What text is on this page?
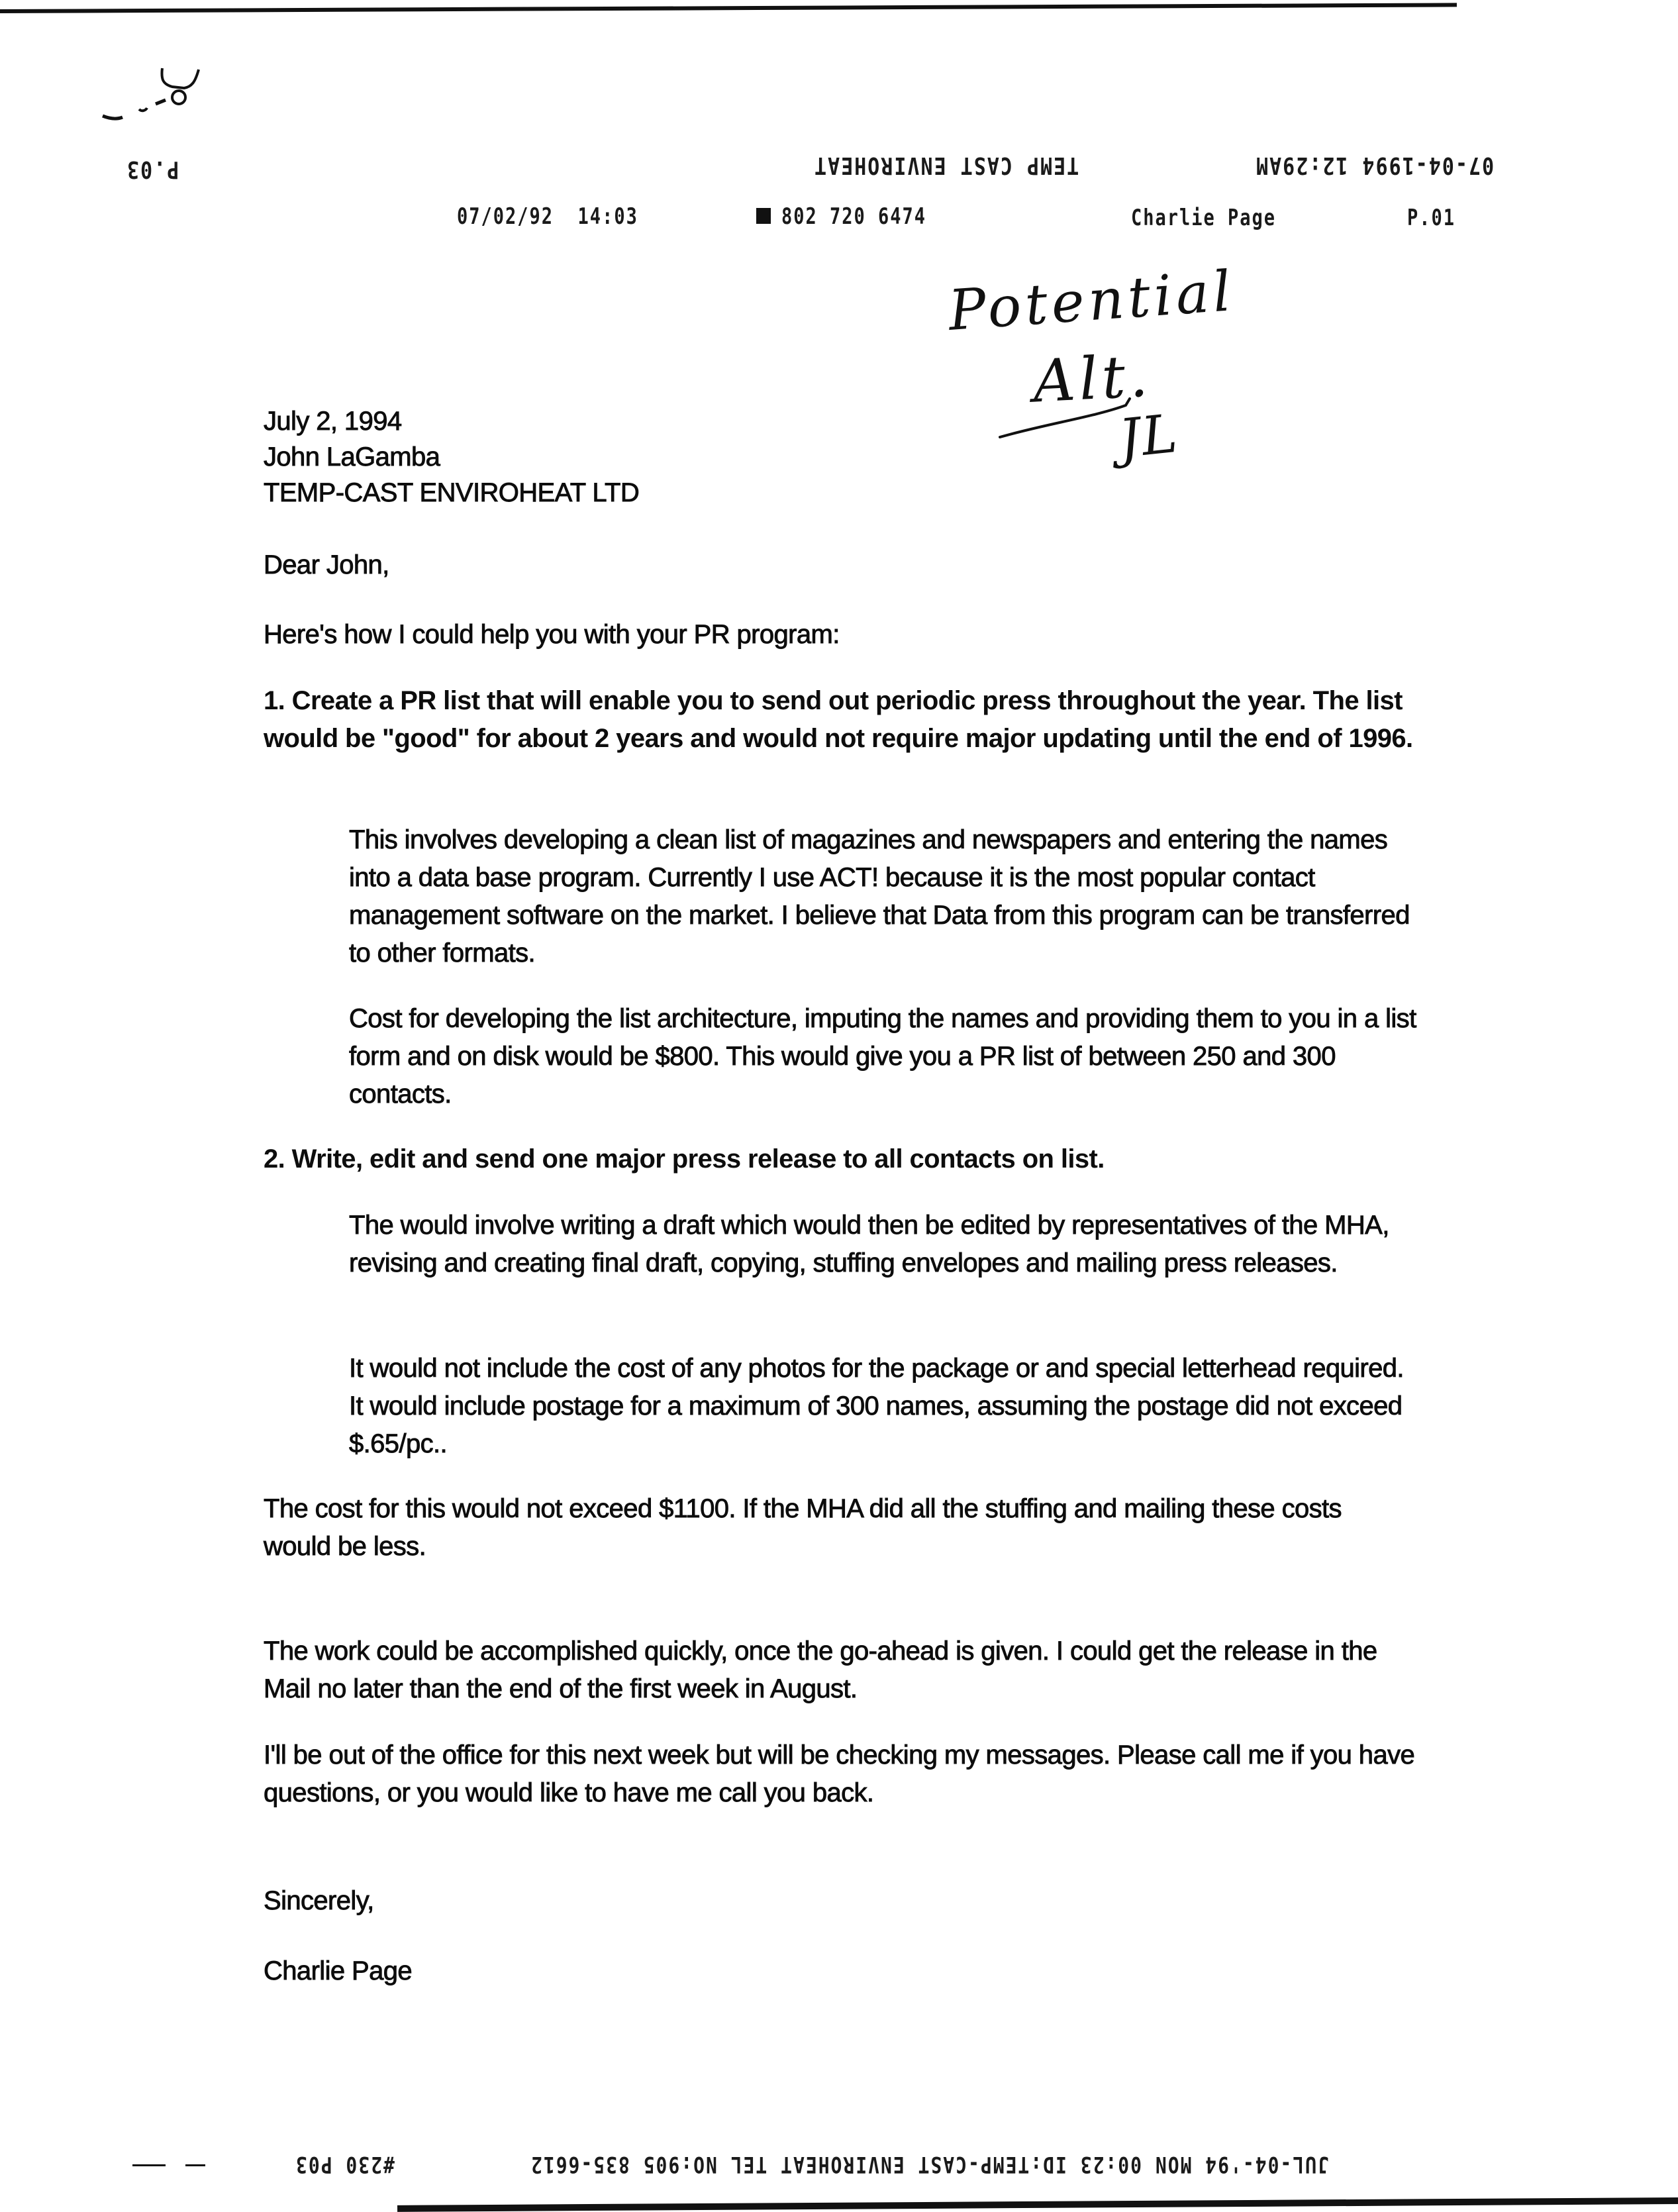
P.03	TEMP CAST ENVIROHEAT	07-04-1994 12:29AM
07/02/92  14:03	802 720 6474	Charlie Page	P.01
Potential
Alt.
JL

July 2, 1994

John LaGamba

TEMP-CAST ENVIROHEAT LTD

Dear John,

Here's how I could help you with your PR program:

1. Create a PR list that will enable you to send out periodic press throughout the year. The list would be "good" for about 2 years and would not require major updating until the end of 1996.

This involves developing a clean list of magazines and newspapers and entering the names into a data base program. Currently I use ACT! because it is the most popular contact management software on the market. I believe that Data from this program can be transferred to other formats.

Cost for developing the list architecture, imputing the names and providing them to you in a list form and on disk would be $800. This would give you a PR list of between 250 and 300 contacts.

2. Write, edit and send one major press release to all contacts on list.

The would involve writing a draft which would then be edited by representatives of the MHA, revising and creating final draft, copying, stuffing envelopes and mailing press releases.

It would not include the cost of any photos for the package or and special letterhead required. It would include postage for a maximum of 300 names, assuming the postage did not exceed $.65/pc..

The cost for this would not exceed $1100. If the MHA did all the stuffing and mailing these costs would be less.

The work could be accomplished quickly, once the go-ahead is given. I could get the release in the Mail no later than the end of the first week in August.

I'll be out of the office for this next week but will be checking my messages. Please call me if you have questions, or you would like to have me call you back.

Sincerely,

Charlie Page

#230 P03	JUL-04-'94 MON 00:23 ID:TEMP-CAST ENVIROHEAT TEL NO:905 835-6612
